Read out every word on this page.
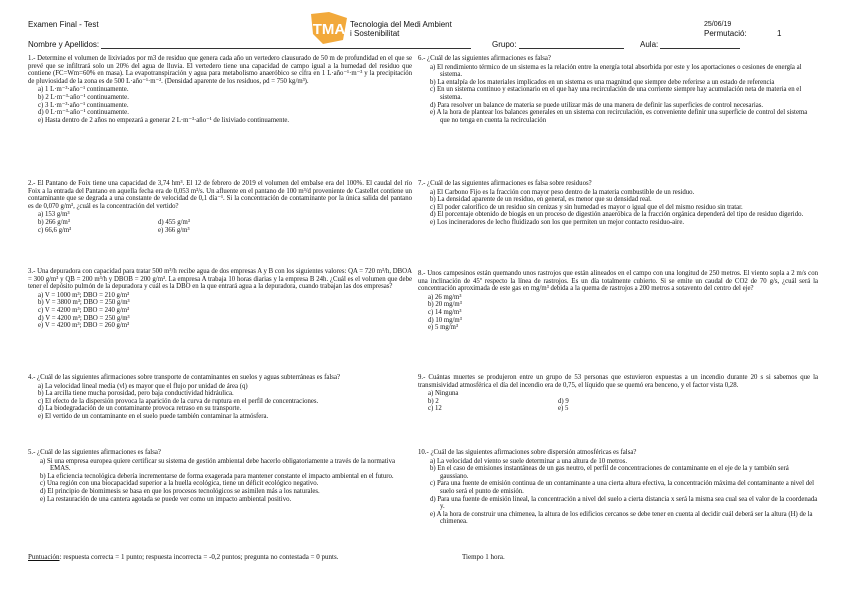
Examen Final - Test
Nombre y Apellidos:
TMA Tecnologia del Medi Ambient
i Sostenibilitat
25/06/19
Permutació:	1
Grupo:	Aula:

1.- Determine el volumen de lixiviados por m3 de residuo que genera cada año un vertedero clausurado de 50 m de profundidad en el que se prevé que se infiltrará solo un 20% del agua de lluvia. El vertedero tiene una capacidad de campo igual a la humedad del residuo que contiene (FC=Wm=60% en masa). La evapotranspiración y agua para metabolismo anaeróbico se cifra en 1 L·año⁻¹·m⁻³ y la precipitación de pluviosidad de la zona es de 500 L·año⁻¹·m⁻². (Densidad aparente de los residuos, ρd = 750 kg/m³).

a) 1 L·m⁻³·año⁻¹ continuamente.
b) 2 L·m⁻³·año⁻¹ continuamente.
c) 3 L·m⁻³·año⁻¹ continuamente.
d) 0 L·m⁻³·año⁻¹ continuamente.
e) Hasta dentro de 2 años no empezará a generar 2 L·m⁻³·año⁻¹ de lixiviado continuamente.

2.- El Pantano de Foix tiene una capacidad de 3,74 hm³. El 12 de febrero de 2019 el volumen del embalse era del 100%. El caudal del río Foix a la entrada del Pantano en aquella fecha era de 0,053 m³/s. Un afluente en el pantano de 100 m³/d proveniente de Castellet contiene un contaminante que se degrada a una constante de velocidad de 0,1 día⁻¹. Si la concentración de contaminante por la única salida del pantano es de 0,070 g/m³, ¿cuál es la concentración del vertido?

a) 153 g/m³
b) 266 g/m³	d) 455 g/m³
c) 66,6 g/m³	e) 366 g/m³

3.- Una depuradora con capacidad para tratar 500 m³/h recibe agua de dos empresas A y B con los siguientes valores: QA = 720 m³/h, DBOA = 300 g/m³ y QB = 200 m³/h y DBOB = 200 g/m³. La empresa A trabaja 10 horas diarias y la empresa B 24h. ¿Cuál es el volumen que debe tener el depósito pulmón de la depuradora y cuál es la DBO en la que entrará agua a la depuradora, cuando trabajan las dos empresas?

a) V = 1000 m³; DBO = 210 g/m³
b) V = 3800 m³; DBO = 250 g/m³
c) V = 4200 m³; DBO = 240 g/m³
d) V = 4200 m³; DBO = 250 g/m³
e) V = 4200 m³; DBO = 260 g/m³

4.- ¿Cuál de las siguientes afirmaciones sobre transporte de contaminantes en suelos y aguas subterráneas es falsa?

a) La velocidad lineal media (vl) es mayor que el flujo por unidad de área (q)
b) La arcilla tiene mucha porosidad, pero baja conductividad hidráulica.
c) El efecto de la dispersión provoca la aparición de la curva de ruptura en el perfil de concentraciones.
d) La biodegradación de un contaminante provoca retraso en su transporte.
e) El vertido de un contaminante en el suelo puede también contaminar la atmósfera.

5.- ¿Cuál de las siguientes afirmaciones es falsa?

a) Si una empresa europea quiere certificar su sistema de gestión ambiental debe hacerlo obligatoriamente a través de la normativa EMAS.
b) La eficiencia tecnológica debería incrementarse de forma exagerada para mantener constante el impacto ambiental en el futuro.
c) Una región con una biocapacidad superior a la huella ecológica, tiene un déficit ecológico negativo.
d) El principio de biomimesis se basa en que los procesos tecnológicos se asimilen más a los naturales.
e) La restauración de una cantera agotada se puede ver como un impacto ambiental positivo.

6.- ¿Cuál de las siguientes afirmaciones es falsa?

a) El rendimiento térmico de un sistema es la relación entre la energía total absorbida por este y los aportaciones o cesiones de energía al sistema.
b) La entalpía de los materiales implicados en un sistema es una magnitud que siempre debe referirse a un estado de referencia
c) En un sistema continuo y estacionario en el que hay una recirculación de una corriente siempre hay acumulación neta de materia en el sistema.
d) Para resolver un balance de materia se puede utilizar más de una manera de definir las superficies de control necesarias.
e) A la hora de plantear los balances generales en un sistema con recirculación, es conveniente definir una superficie de control del sistema que no tenga en cuenta la recirculación

7.- ¿Cuál de las siguientes afirmaciones es falsa sobre residuos?

a) El Carbono Fijo es la fracción con mayor peso dentro de la materia combustible de un residuo.
b) La densidad aparente de un residuo, en general, es menor que su densidad real.
c) El poder calorífico de un residuo sin cenizas y sin humedad es mayor o igual que el del mismo residuo sin tratar.
d) El porcentaje obtenido de biogás en un proceso de digestión anaeróbica de la fracción orgánica dependerá del tipo de residuo digerido.
e) Los incineradores de lecho fluidizado son los que permiten un mejor contacto residuo-aire.

8.- Unos campesinos están quemando unos rastrojos que están alineados en el campo con una longitud de 250 metros. El viento sopla a 2 m/s con una inclinación de 45º respecto la línea de rastrojos. Es un día totalmente cubierto. Si se emite un caudal de CO2 de 70 g/s, ¿cuál será la concentración aproximada de este gas en mg/m³ debida a la quema de rastrojos a 200 metros a sotavento del centro del eje?

a) 26 mg/m³
b) 20 mg/m³
c) 14 mg/m³
d) 10 mg/m³
e) 5 mg/m³

9.- Cuántas muertes se produjeron entre un grupo de 53 personas que estuvieron expuestas a un incendio durante 20 s si sabemos que la transmisividad atmosférica el día del incendio era de 0,75, el líquido que se quemó era benceno, y el factor vista 0,28.

a) Ninguna
b) 2	d) 9
c) 12	e) 5

10.- ¿Cuál de las siguientes afirmaciones sobre dispersión atmosféricas es falsa?

a) La velocidad del viento se suele determinar a una altura de 10 metros.
b) En el caso de emisiones instantáneas de un gas neutro, el perfil de concentraciones de contaminante en el eje de la y también será gaussiano.
c) Para una fuente de emisión continua de un contaminante a una cierta altura efectiva, la concentración máxima del contaminante a nivel del suelo será el punto de emisión.
d) Para una fuente de emisión lineal, la concentración a nivel del suelo a cierta distancia x será la misma sea cual sea el valor de la coordenada y.
e) A la hora de construir una chimenea, la altura de los edificios cercanos se debe tener en cuenta al decidir cuál deberá ser la altura (H) de la chimenea.
Puntuación: respuesta correcta = 1 punto; respuesta incorrecta = -0,2 puntos; pregunta no contestada = 0 punts.	Tiempo 1 hora.
